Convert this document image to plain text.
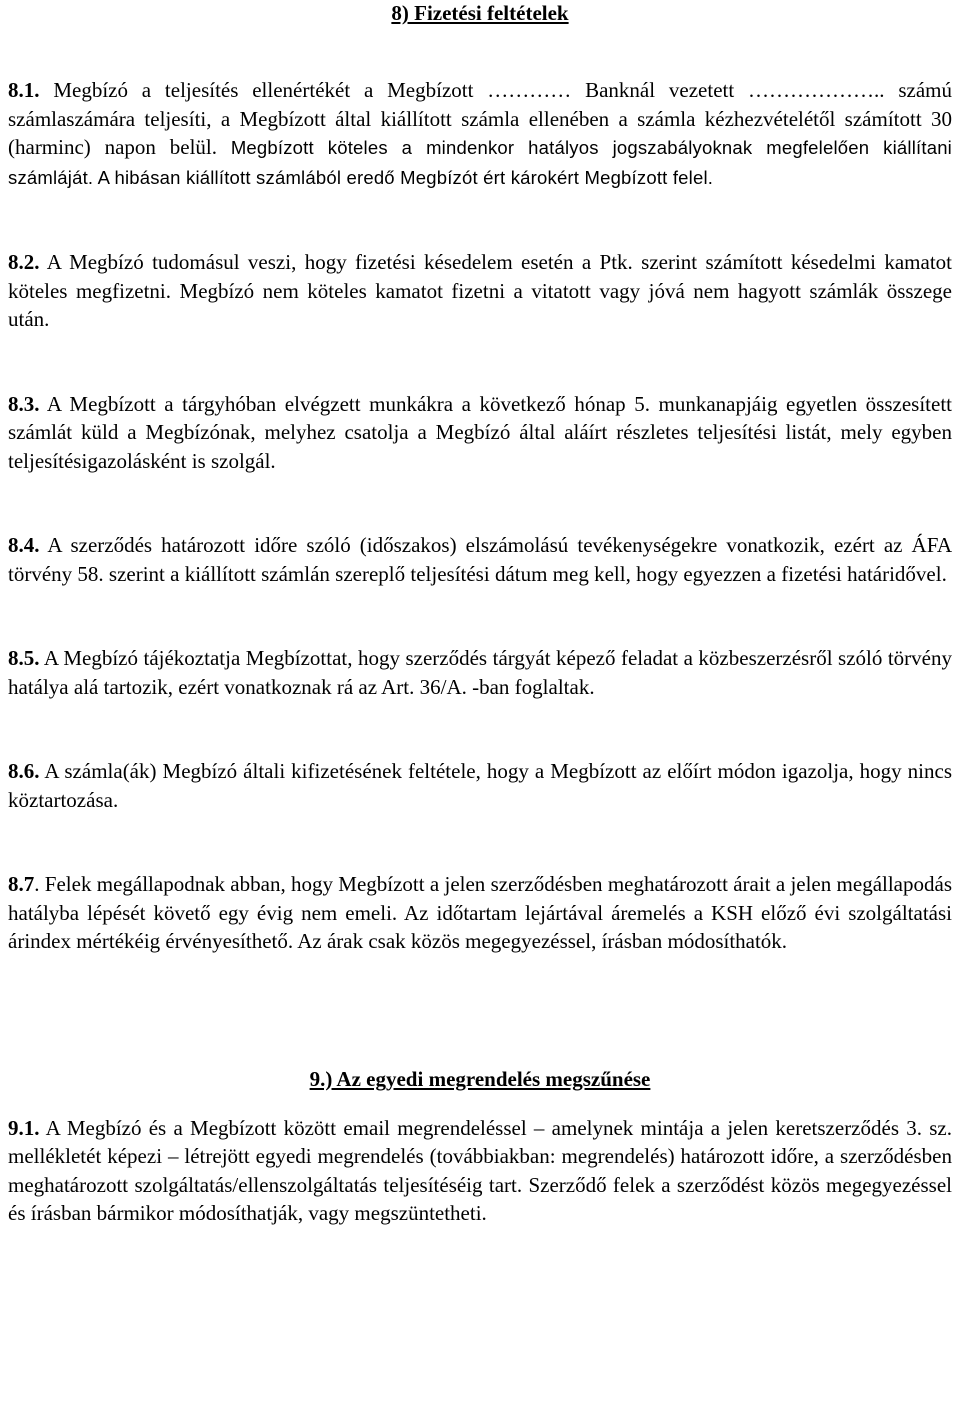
8) Fizetési feltételek

8.1. Megbízó a teljesítés ellenértékét a Megbízott ………… Banknál vezetett ……………….. számú számlaszámára teljesíti, a Megbízott által kiállított számla ellenében a számla kézhezvételétől számított 30 (harminc) napon belül. Megbízott köteles a mindenkor hatályos jogszabályoknak megfelelően kiállítani számláját. A hibásan kiállított számlából eredő Megbízót ért károkért Megbízott felel.

8.2. A Megbízó tudomásul veszi, hogy fizetési késedelem esetén a Ptk. szerint számított késedelmi kamatot köteles megfizetni. Megbízó nem köteles kamatot fizetni a vitatott vagy jóvá nem hagyott számlák összege után.

8.3. A Megbízott a tárgyhóban elvégzett munkákra a következő hónap 5. munkanapjáig egyetlen összesített számlát küld a Megbízónak, melyhez csatolja a Megbízó által aláírt részletes teljesítési listát, mely egyben teljesítésigazolásként is szolgál.

8.4. A szerződés határozott időre szóló (időszakos) elszámolású tevékenységekre vonatkozik, ezért az ÁFA törvény 58. szerint a kiállított számlán szereplő teljesítési dátum meg kell, hogy egyezzen a fizetési határidővel.

8.5. A Megbízó tájékoztatja Megbízottat, hogy szerződés tárgyát képező feladat a közbeszerzésről szóló törvény hatálya alá tartozik, ezért vonatkoznak rá az Art. 36/A. -ban foglaltak.

8.6. A számla(ák) Megbízó általi kifizetésének feltétele, hogy a Megbízott az előírt módon igazolja, hogy nincs köztartozása.

8.7. Felek megállapodnak abban, hogy Megbízott a jelen szerződésben meghatározott árait a jelen megállapodás hatályba lépését követő egy évig nem emeli. Az időtartam lejártával áremelés a KSH előző évi szolgáltatási árindex mértékéig érvényesíthető. Az árak csak közös megegyezéssel, írásban módosíthatók.

9.) Az egyedi megrendelés megszűnése

9.1. A Megbízó és a Megbízott között email megrendeléssel – amelynek mintája a jelen keretszerződés 3. sz. mellékletét képezi – létrejött egyedi megrendelés (továbbiakban: megrendelés) határozott időre, a szerződésben meghatározott szolgáltatás/ellenszolgáltatás teljesítéséig tart. Szerződő felek a szerződést közös megegyezéssel és írásban bármikor módosíthatják, vagy megszüntetheti.
